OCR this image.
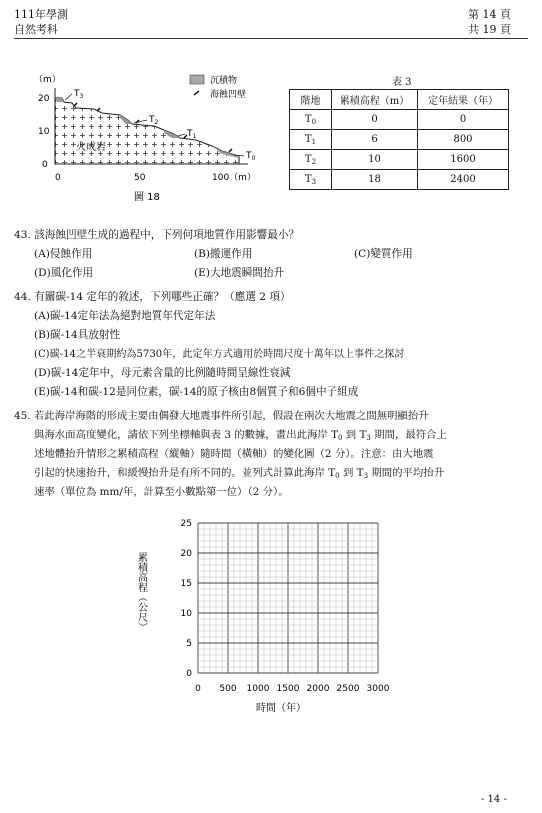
111年學測
自然考科
第 14 頁
共 19 頁
（m）
20
10
0
0	50	100（m）
$T_3$
$T_2$
$T_1$
$T_0$
火成岩
沉積物
海蝕凹壁
圖 18
表 3
階地	累積高程（m）	定年結果（年）
$T_0$	0	0
$T_1$	6	800
$T_2$	10	1600
$T_3$	18	2400
43. 該海蝕凹壁生成的過程中，下列何項地質作用影響最小？
(A)侵蝕作用	(B)搬運作用	(C)變質作用
(D)風化作用	(E)大地震瞬間抬升
44. 有關碳-14 定年的敘述，下列哪些正確？（應選 2 項）
(A)碳-14定年法為絕對地質年代定年法
(B)碳-14具放射性
(C)碳-14之半衰期約為5730年，此定年方式適用於時間尺度十萬年以上事件之探討
(D)碳-14定年中，母元素含量的比例隨時間呈線性衰減
(E)碳-14和碳-12是同位素，碳-14的原子核由8個質子和6個中子組成
45. 若此海岸海階的形成主要由偶發大地震事件所引起，假設在兩次大地震之間無明顯抬升
與海水面高度變化，請依下列坐標軸與表 3 的數據，畫出此海岸 $T_0$ 到 $T_3$ 期間，最符合上
述地體抬升情形之累積高程（縱軸）隨時間（橫軸）的變化圖（2 分）。注意：由大地震
引起的快速抬升，和緩慢抬升是有所不同的。並列式計算此海岸 $T_0$ 到 $T_3$ 期間的平均抬升
速率（單位為 mm/年，計算至小數點第一位）（2 分）。
累積高程（公尺）
0
5
10
15
20
25
0 500 1000 1500 2000 2500 3000
時間（年）
- 14 -
